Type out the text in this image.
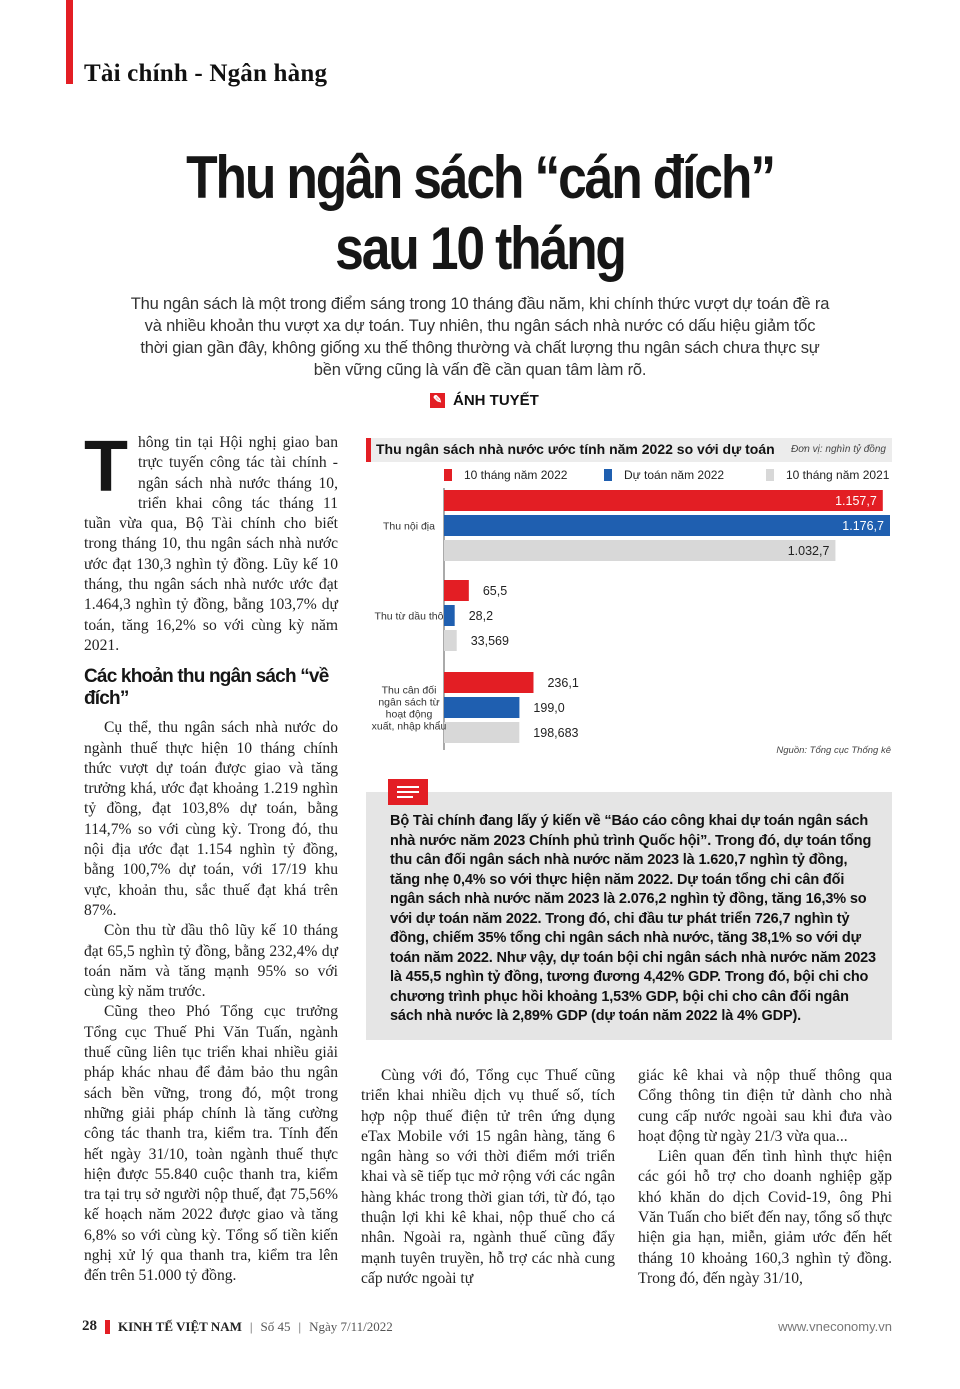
Tài chính - Ngân hàng
Thu ngân sách “cán đích”
sau 10 tháng
Thu ngân sách là một trong điểm sáng trong 10 tháng đầu năm, khi chính thức vượt dự toán đề ra và nhiều khoản thu vượt xa dự toán. Tuy nhiên, thu ngân sách nhà nước có dấu hiệu giảm tốc thời gian gần đây, không giống xu thế thông thường và chất lượng thu ngân sách chưa thực sự bền vững cũng là vấn đề cần quan tâm làm rõ.
✎ ÁNH TUYẾT

Thông tin tại Hội nghị giao ban trực tuyến công tác tài chính - ngân sách nhà nước tháng 10, triển khai công tác tháng 11 tuần vừa qua, Bộ Tài chính cho biết trong tháng 10, thu ngân sách nhà nước ước đạt 130,3 nghìn tỷ đồng. Lũy kế 10 tháng, thu ngân sách nhà nước ước đạt 1.464,3 nghìn tỷ đồng, bằng 103,7% dự toán, tăng 16,2% so với cùng kỳ năm 2021.

Các khoản thu ngân sách “về đích”

Cụ thể, thu ngân sách nhà nước do ngành thuế thực hiện 10 tháng chính thức vượt dự toán được giao và tăng trưởng khá, ước đạt khoảng 1.219 nghìn tỷ đồng, đạt 103,8% dự toán, bằng 114,7% so với cùng kỳ. Trong đó, thu nội địa ước đạt 1.154 nghìn tỷ đồng, bằng 100,7% dự toán, với 17/19 khu vực, khoản thu, sắc thuế đạt khá trên 87%.

Còn thu từ dầu thô lũy kế 10 tháng đạt 65,5 nghìn tỷ đồng, bằng 232,4% dự toán năm và tăng mạnh 95% so với cùng kỳ năm trước.

Cũng theo Phó Tổng cục trưởng Tổng cục Thuế Phi Văn Tuấn, ngành thuế cũng liên tục triển khai nhiều giải pháp khác nhau để đảm bảo thu ngân sách bền vững, trong đó, một trong những giải pháp chính là tăng cường công tác thanh tra, kiểm tra. Tính đến hết ngày 31/10, toàn ngành thuế thực hiện được 55.840 cuộc thanh tra, kiểm tra tại trụ sở người nộp thuế, đạt 75,56% kế hoạch năm 2022 được giao và tăng 6,8% so với cùng kỳ. Tổng số tiền kiến nghị xử lý qua thanh tra, kiểm tra lên đến trên 51.000 tỷ đồng.

Thu ngân sách nhà nước ước tính năm 2022 so với dự toán Đơn vị: nghìn tỷ đồng
10 tháng năm 2022	Dự toán năm 2022	10 tháng năm 2021
1.157,7
1.176,7
1.032,7
Thu nội địa
65,5
28,2
33,569
Thu từ dầu thô
236,1
199,0
198,683
Thu cân đối
ngân sách từ
hoạt động
xuất, nhập khẩu
Nguồn: Tổng cục Thống kê
Bộ Tài chính đang lấy ý kiến về “Báo cáo công khai dự toán ngân sách nhà nước năm 2023 Chính phủ trình Quốc hội”. Trong đó, dự toán tổng thu cân đối ngân sách nhà nước năm 2023 là 1.620,7 nghìn tỷ đồng, tăng nhẹ 0,4% so với thực hiện năm 2022. Dự toán tổng chi cân đối ngân sách nhà nước năm 2023 là 2.076,2 nghìn tỷ đồng, tăng 16,3% so với dự toán năm 2022. Trong đó, chi đầu tư phát triển 726,7 nghìn tỷ đồng, chiếm 35% tổng chi ngân sách nhà nước, tăng 38,1% so với dự toán năm 2022. Như vậy, dự toán bội chi ngân sách nhà nước năm 2023 là 455,5 nghìn tỷ đồng, tương đương 4,42% GDP. Trong đó, bội chi cho chương trình phục hồi khoảng 1,53% GDP, bội chi cho cân đối ngân sách nhà nước là 2,89% GDP (dự toán năm 2022 là 4% GDP).

Cùng với đó, Tổng cục Thuế cũng triển khai nhiều dịch vụ thuế số, tích hợp nộp thuế điện tử trên ứng dụng eTax Mobile với 15 ngân hàng, tăng 6 ngân hàng so với thời điểm mới triển khai và sẽ tiếp tục mở rộng với các ngân hàng khác trong thời gian tới, từ đó, tạo thuận lợi khi kê khai, nộp thuế cho cá nhân. Ngoài ra, ngành thuế cũng đẩy mạnh tuyên truyền, hỗ trợ các nhà cung cấp nước ngoài tự

giác kê khai và nộp thuế thông qua Cổng thông tin điện tử dành cho nhà cung cấp nước ngoài sau khi đưa vào hoạt động từ ngày 21/3 vừa qua...

Liên quan đến tình hình thực hiện các gói hỗ trợ cho doanh nghiệp gặp khó khăn do dịch Covid-19, ông Phi Văn Tuấn cho biết đến nay, tổng số thực hiện gia hạn, miễn, giảm ước đến hết tháng 10 khoảng 160,3 nghìn tỷ đồng. Trong đó, đến ngày 31/10,

28 KINH TẾ VIỆT NAM | Số 45 | Ngày 7/11/2022	www.vneconomy.vn
